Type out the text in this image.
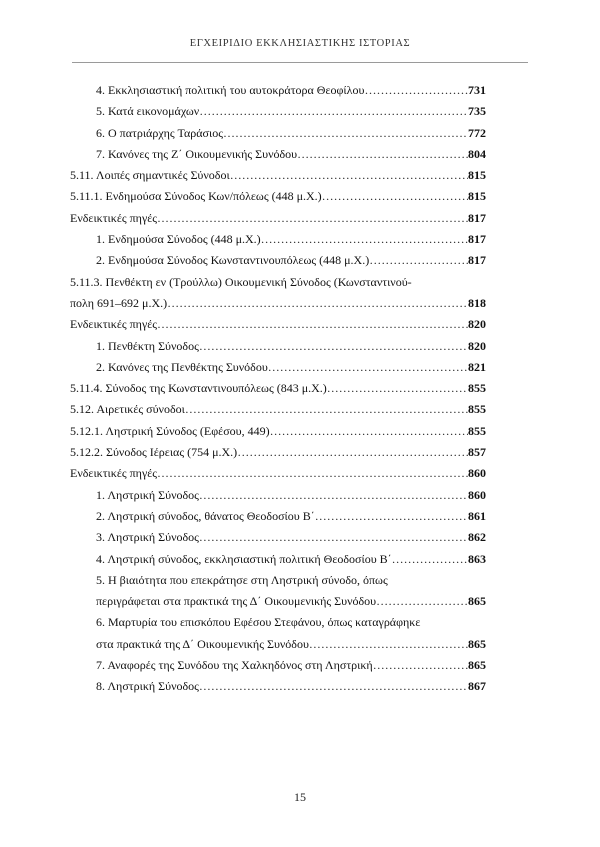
ΕΓΧΕΙΡΙΔΙΟ ΕΚΚΛΗΣΙΑΣΤΙΚΗΣ ΙΣΤΟΡΙΑΣ
4. Εκκλησιαστική πολιτική του αυτοκράτορα Θεοφίλου ……………………………………………………………………………………………………………………………………………………	731
5. Κατά εικονομάχων ……………………………………………………………………………………………………………………………………………………	735
6. Ο πατριάρχης Ταράσιος ……………………………………………………………………………………………………………………………………………………	772
7. Κανόνες της Ζ΄ Οικουμενικής Συνόδου ……………………………………………………………………………………………………………………………………………………	804
5.11. Λοιπές σημαντικές Σύνοδοι ……………………………………………………………………………………………………………………………………………………	815
5.11.1. Ενδημούσα Σύνοδος Κων/πόλεως (448 μ.Χ.) ……………………………………………………………………………………………………………………………………………………	815
Ενδεικτικές πηγές ……………………………………………………………………………………………………………………………………………………	817
1. Ενδημούσα Σύνοδος (448 μ.Χ.) ……………………………………………………………………………………………………………………………………………………	817
2. Ενδημούσα Σύνοδος Κωνσταντινουπόλεως (448 μ.Χ.) ……………………………………………………………………………………………………………………………………………………	817
5.11.3. Πενθέκτη εν (Τρούλλω) Οικουμενική Σύνοδος (Κωνσταντινού-
πολη 691–692 μ.Χ.) ……………………………………………………………………………………………………………………………………………………	818
Ενδεικτικές πηγές ……………………………………………………………………………………………………………………………………………………	820
1. Πενθέκτη Σύνοδος ……………………………………………………………………………………………………………………………………………………	820
2. Κανόνες της Πενθέκτης Συνόδου ……………………………………………………………………………………………………………………………………………………	821
5.11.4. Σύνοδος της Κωνσταντινουπόλεως (843 μ.Χ.) ……………………………………………………………………………………………………………………………………………………	855
5.12. Αιρετικές σύνοδοι ……………………………………………………………………………………………………………………………………………………	855
5.12.1. Ληστρική Σύνοδος (Εφέσου, 449) ……………………………………………………………………………………………………………………………………………………	855
5.12.2. Σύνοδος Ιέρειας (754 μ.Χ.) ……………………………………………………………………………………………………………………………………………………	857
Ενδεικτικές πηγές ……………………………………………………………………………………………………………………………………………………	860
1. Ληστρική Σύνοδος ……………………………………………………………………………………………………………………………………………………	860
2. Ληστρική σύνοδος, θάνατος Θεοδοσίου Β΄ ……………………………………………………………………………………………………………………………………………………	861
3. Ληστρική Σύνοδος ……………………………………………………………………………………………………………………………………………………	862
4. Ληστρική σύνοδος, εκκλησιαστική πολιτική Θεοδοσίου Β΄ ……………………………………………………………………………………………………………………………………………………	863
5. Η βιαιότητα που επεκράτησε στη Ληστρική σύνοδο, όπως
περιγράφεται στα πρακτικά της Δ΄ Οικουμενικής Συνόδου ……………………………………………………………………………………………………………………………………………………	865
6. Μαρτυρία του επισκόπου Εφέσου Στεφάνου, όπως καταγράφηκε
στα πρακτικά της Δ΄ Οικουμενικής Συνόδου ……………………………………………………………………………………………………………………………………………………	865
7. Αναφορές της Συνόδου της Χαλκηδόνος στη Ληστρική ……………………………………………………………………………………………………………………………………………………	865
8. Ληστρική Σύνοδος ……………………………………………………………………………………………………………………………………………………	867
15
